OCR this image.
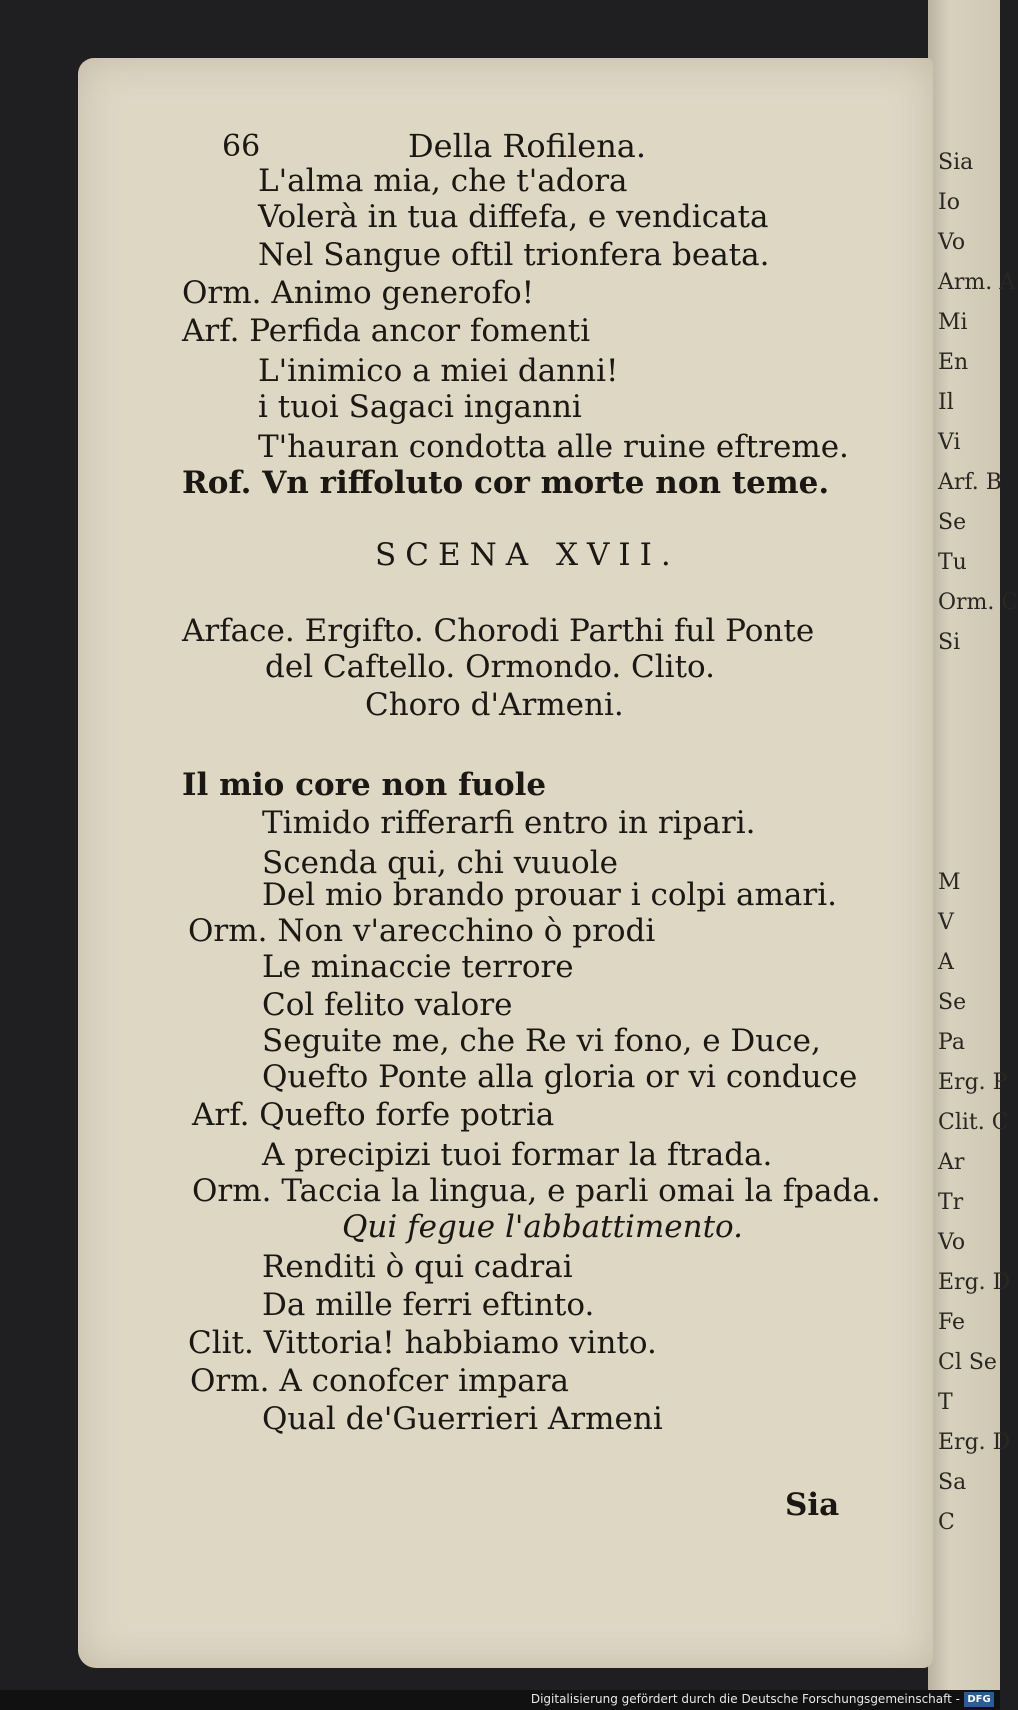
Sia
Io
Vo
Arm. A
Mi
En
Il
Vi
Arf. B
Se
Tu
Orm. C
Si
M
V
A
Se
Pa
Erg. P
Clit. C
Ar
Tr
Vo
Erg. D
Fe
Cl Se
T
Erg. D
Sa
C
66	Della Rofilena.
L'alma mia, che t'adora
Volerà in tua diffefa, e vendicata
Nel Sangue oftil trionfera beata.
Orm. Animo generofo!
Arf. Perfida ancor fomenti
L'inimico a miei danni!
i tuoi Sagaci inganni
T'hauran condotta alle ruine eftreme.
Rof. Vn riffoluto cor morte non teme.
SCENA XVII.
Arface. Ergifto. Chorodi Parthi ful Ponte
del Caftello. Ormondo. Clito.
Choro d'Armeni.
Il mio core non fuole
Timido rifferarfi entro in ripari.
Scenda qui, chi vuuole
Del mio brando prouar i colpi amari.
Orm. Non v'arecchino ò prodi
Le minaccie terrore
Col felito valore
Seguite me, che Re vi fono, e Duce,
Quefto Ponte alla gloria or vi conduce
Arf. Quefto forfe potria
A precipizi tuoi formar la ftrada.
Orm. Taccia la lingua, e parli omai la fpada.
Qui fegue l'abbattimento.
Renditi ò qui cadrai
Da mille ferri eftinto.
Clit. Vittoria! habbiamo vinto.
Orm. A conofcer impara
Qual de'Guerrieri Armeni
Sia
Digitalisierung gefördert durch die Deutsche Forschungsgemeinschaft - DFG
